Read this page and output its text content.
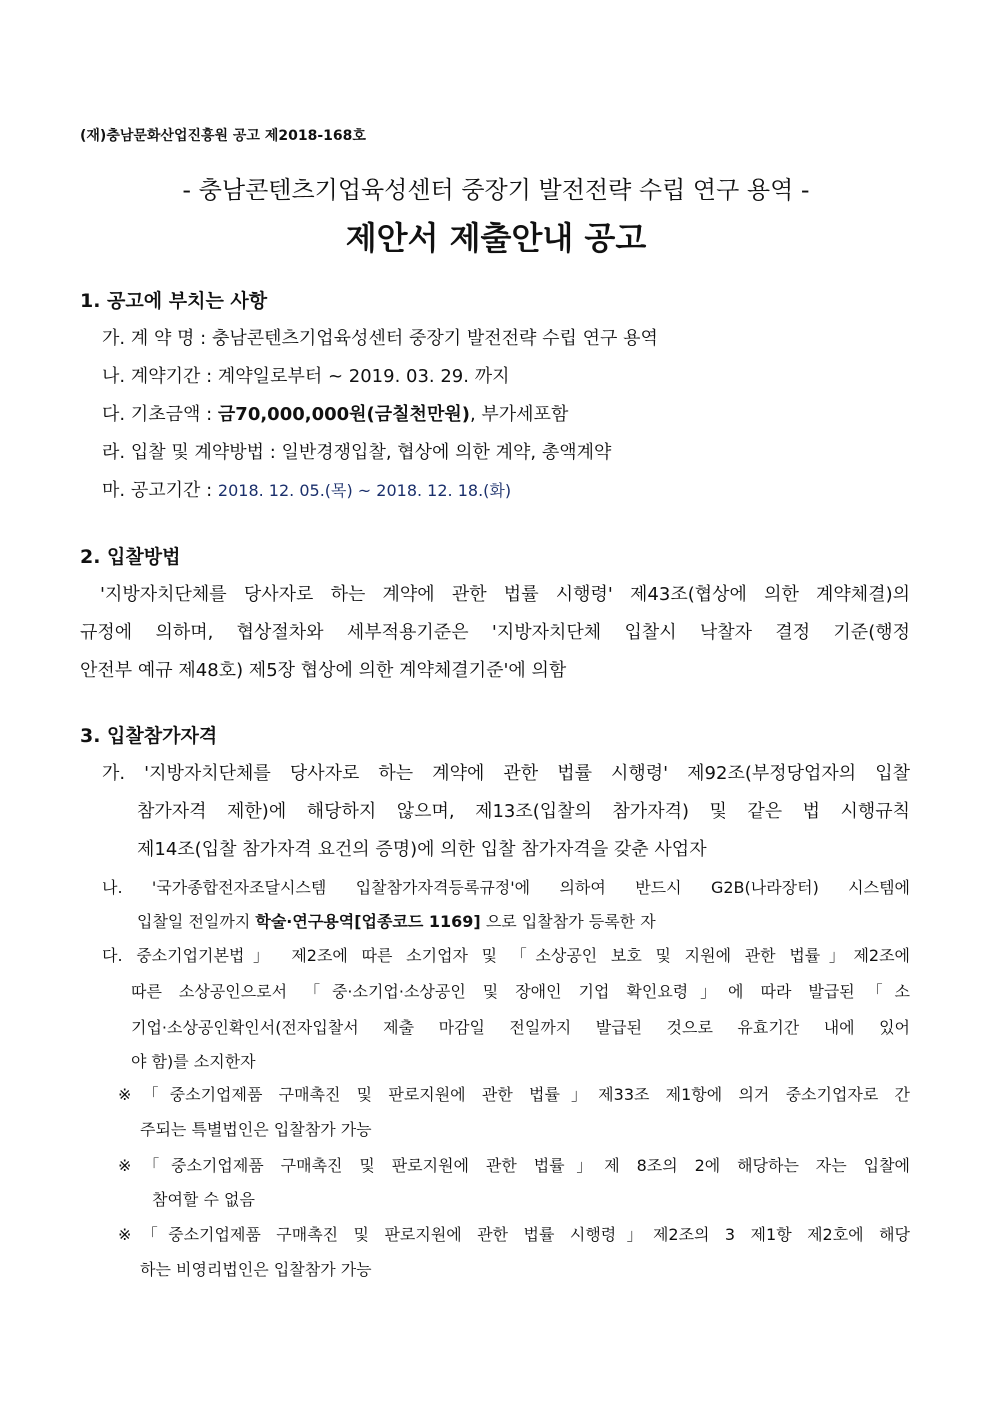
(재)충남문화산업진흥원 공고 제2018-168호
- 충남콘텐츠기업육성센터 중장기 발전전략 수립 연구 용역 -
제안서 제출안내 공고
1. 공고에 부치는 사항
가. 계 약 명 : 충남콘텐츠기업육성센터 중장기 발전전략 수립 연구 용역
나. 계약기간 : 계약일로부터 ~ 2019. 03. 29. 까지
다. 기초금액 : 금70,000,000원(금칠천만원), 부가세포함
라. 입찰 및 계약방법 : 일반경쟁입찰, 협상에 의한 계약, 총액계약
마. 공고기간 : 2018. 12. 05.(목) ~ 2018. 12. 18.(화)
2. 입찰방법
'지방자치단체를 당사자로 하는 계약에 관한 법률 시행령' 제43조(협상에 의한 계약체결)의
규정에 의하며, 협상절차와 세부적용기준은 '지방자치단체 입찰시 낙찰자 결정 기준(행정
안전부 예규 제48호) 제5장 협상에 의한 계약체결기준'에 의함
3. 입찰참가자격
가. '지방자치단체를 당사자로 하는 계약에 관한 법률 시행령' 제92조(부정당업자의 입찰
참가자격 제한)에 해당하지 않으며, 제13조(입찰의 참가자격) 및 같은 법 시행규칙
제14조(입찰 참가자격 요건의 증명)에 의한 입찰 참가자격을 갖춘 사업자
나. '국가종합전자조달시스템 입찰참가자격등록규정'에 의하여 반드시 G2B(나라장터) 시스템에
입찰일 전일까지 학술·연구용역[업종코드 1169] 으로 입찰참가 등록한 자
다. 중소기업기본법」 제2조에 따른 소기업자 및 「소상공인 보호 및 지원에 관한 법률」제2조에
따른 소상공인으로서 「중·소기업·소상공인 및 장애인 기업 확인요령」에 따라 발급된「소
기업·소상공인확인서(전자입찰서 제출 마감일 전일까지 발급된 것으로 유효기간 내에 있어
야 함)를 소지한자
※「중소기업제품 구매촉진 및 판로지원에 관한 법률」제33조 제1항에 의거 중소기업자로 간
주되는 특별법인은 입찰참가 가능
※「중소기업제품 구매촉진 및 판로지원에 관한 법률」제 8조의 2에 해당하는 자는 입찰에
참여할 수 없음
※「중소기업제품 구매촉진 및 판로지원에 관한 법률 시행령」제2조의 3 제1항 제2호에 해당
하는 비영리법인은 입찰참가 가능
